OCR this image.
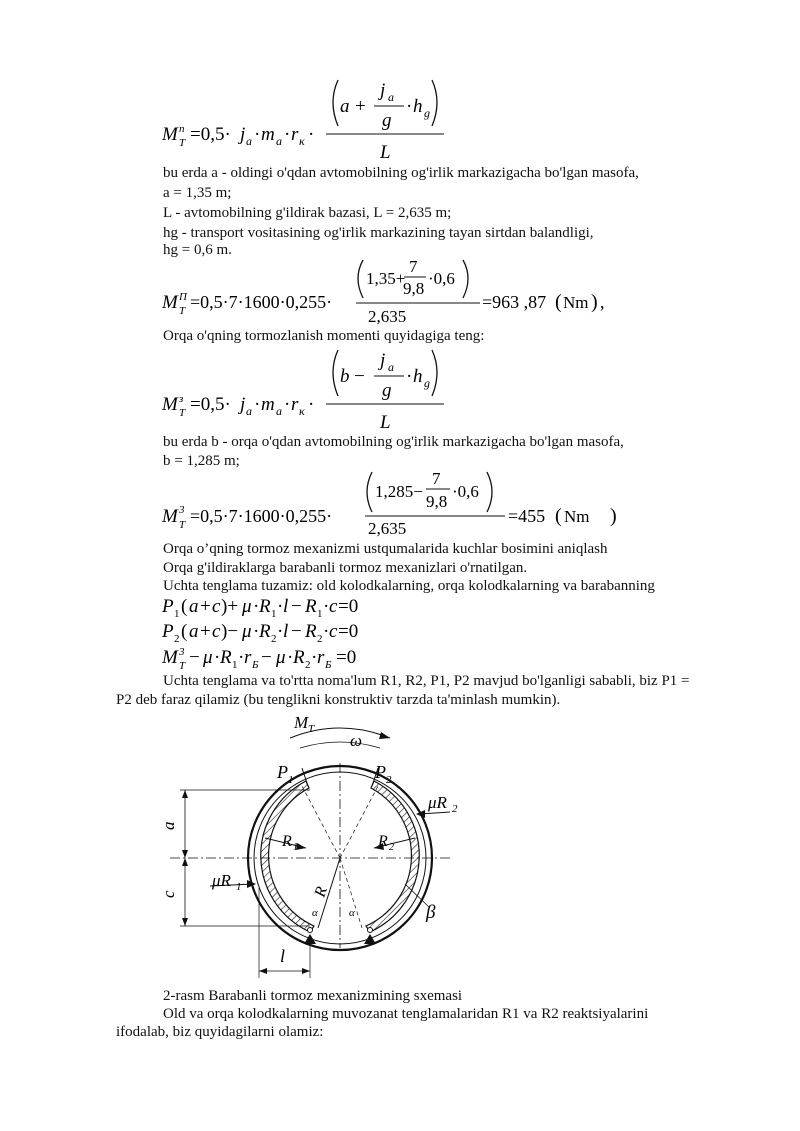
M n
T =0,5· j a · m a · r κ ·
a +
j a
g
· h g
L
bu erda a - oldingi o'qdan avtomobilning og'irlik markazigacha bo'lgan masofa,
a = 1,35 m;
L - avtomobilning g'ildirak bazasi, L = 2,635 m;
hg - transport vositasining og'irlik markazining tayan sirtdan balandligi,
hg = 0,6 m.
M П
T =0,5·7·1600·0,255·
1,35+
7
9,8
·0,6
2,635
=963 ,87 ( Nm ) ,
Orqa o'qning tormozlanish momenti quyidagiga teng:
M з
T =0,5· j a · m a · r κ ·
b −
j a
g
· h g
L
bu erda b - orqa o'qdan avtomobilning og'irlik markazigacha bo'lgan masofa,
b = 1,285 m;
M 3
T =0,5·7·1600·0,255·
1,285−
7
9,8
·0,6
2,635
=455 ( Nm )
Orqa o’qning tormoz mexanizmi ustqumalarida kuchlar bosimini aniqlash
Orqa g'ildiraklarga barabanli tormoz mexanizlari o'rnatilgan.
Uchta tenglama tuzamiz: old kolodkalarning, orqa kolodkalarning va barabanning
P 1 ( a + c )+ μ · R 1 · l − R 1 · c =0
P 2 ( a + c )− μ · R 2 · l − R 2 · c =0
M 3
T − μ · R 1 · r Б − μ · R 2 · r Б =0
Uchta tenglama va to'rtta noma'lum R1, R2, P1, P2 mavjud bo'lganligi sababli, biz P1 =
P2 deb faraz qilamiz (bu tenglikni konstruktiv tarzda ta'minlash mumkin).
M T
ω
P 1	P 2
μR 2
R 1	R 2
μR 1	R
a
c
l
β
α	α
2-rasm Barabanli tormoz mexanizmining sxemasi
Old va orqa kolodkalarning muvozanat tenglamalaridan R1 va R2 reaktsiyalarini
ifodalab, biz quyidagilarni olamiz:
